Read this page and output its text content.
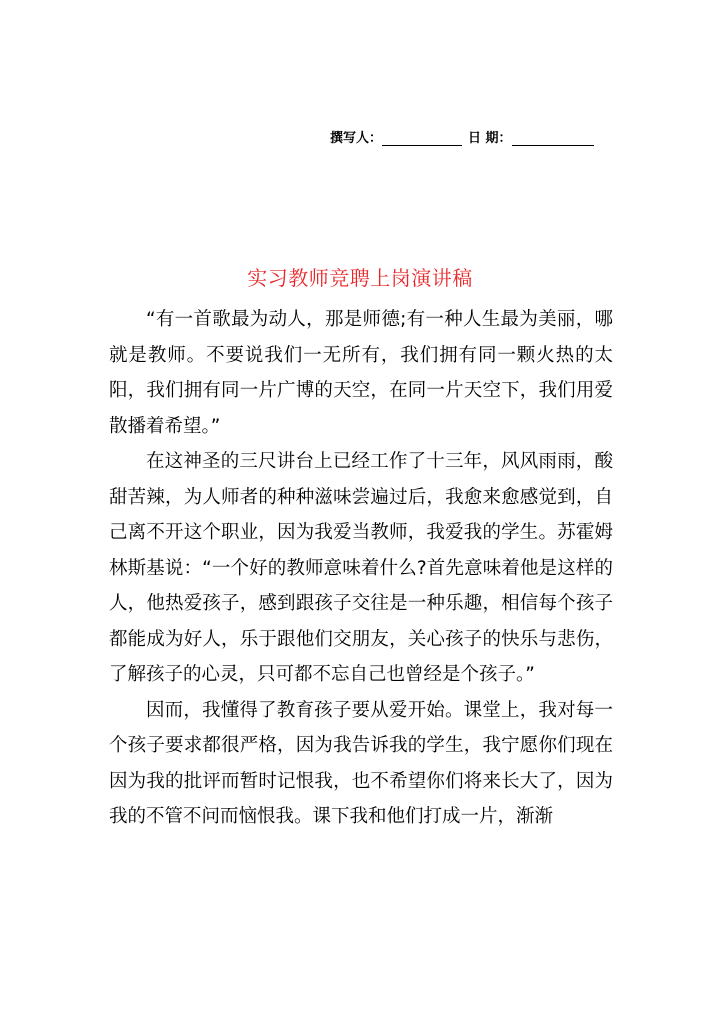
撰写人：	日 期：
实习教师竞聘上岗演讲稿

“有一首歌最为动人，那是师德;有一种人生最为美丽，哪就是教师。不要说我们一无所有，我们拥有同一颗火热的太阳，我们拥有同一片广博的天空，在同一片天空下，我们用爱散播着希望。”

在这神圣的三尺讲台上已经工作了十三年，风风雨雨，酸甜苦辣，为人师者的种种滋味尝遍过后，我愈来愈感觉到，自己离不开这个职业，因为我爱当教师，我爱我的学生。苏霍姆林斯基说：“一个好的教师意味着什么?首先意味着他是这样的人，他热爱孩子，感到跟孩子交往是一种乐趣，相信每个孩子都能成为好人，乐于跟他们交朋友，关心孩子的快乐与悲伤，了解孩子的心灵，只可都不忘自己也曾经是个孩子。”

因而，我懂得了教育孩子要从爱开始。课堂上，我对每一个孩子要求都很严格，因为我告诉我的学生，我宁愿你们现在因为我的批评而暂时记恨我，也不希望你们将来长大了，因为我的不管不问而恼恨我。课下我和他们打成一片，渐渐
